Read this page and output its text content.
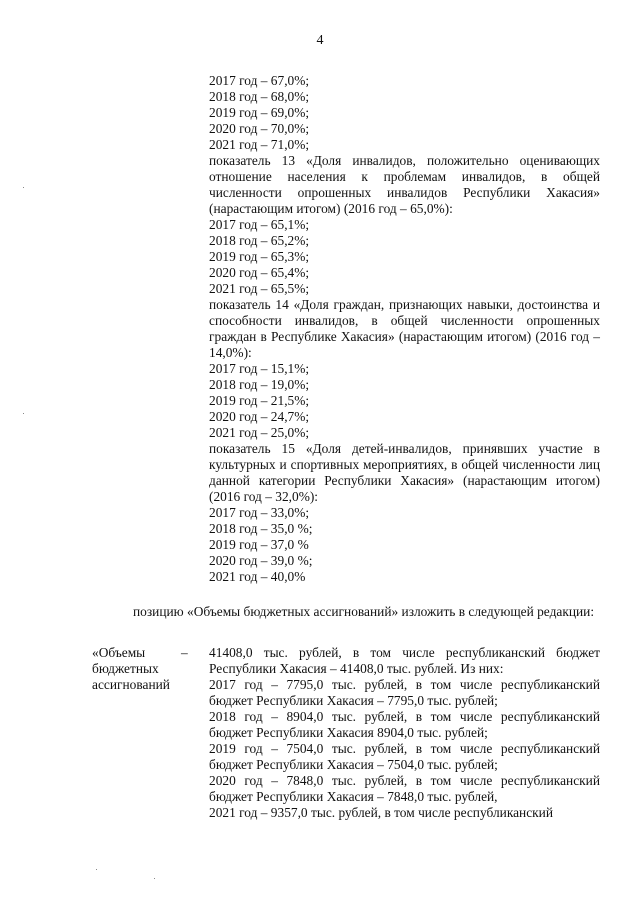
4
2017 год – 67,0%;
2018 год – 68,0%;
2019 год – 69,0%;
2020 год – 70,0%;
2021 год – 71,0%;
показатель 13 «Доля инвалидов, положительно оценивающих отношение населения к проблемам инвалидов, в общей численности опрошенных инвалидов Республики Хакасия» (нарастающим итогом) (2016 год – 65,0%):
2017 год – 65,1%;
2018 год – 65,2%;
2019 год – 65,3%;
2020 год – 65,4%;
2021 год – 65,5%;
показатель 14 «Доля граждан, признающих навыки, достоинства и способности инвалидов, в общей численности опрошенных граждан в Республике Хакасия» (нарастающим итогом) (2016 год – 14,0%):
2017 год – 15,1%;
2018 год – 19,0%;
2019 год – 21,5%;
2020 год – 24,7%;
2021 год – 25,0%;
показатель 15 «Доля детей-инвалидов, принявших участие в культурных и спортивных мероприятиях, в общей численности лиц данной категории Республики Хакасия» (нарастающим итогом) (2016 год – 32,0%):
2017 год – 33,0%;
2018 год – 35,0 %;
2019 год – 37,0 %
2020 год – 39,0 %;
2021 год – 40,0%
позицию «Объемы бюджетных ассигнований» изложить в следующей редакции:
«Объемы бюджетных ассигнований
– 41408,0 тыс. рублей, в том числе республиканский бюджет Республики Хакасия – 41408,0 тыс. рублей. Из них:

2017 год – 7795,0 тыс. рублей, в том числе республиканский бюджет Республики Хакасия – 7795,0 тыс. рублей;

2018 год – 8904,0 тыс. рублей, в том числе республиканский бюджет Республики Хакасия 8904,0 тыс. рублей;

2019 год – 7504,0 тыс. рублей, в том числе республиканский бюджет Республики Хакасия – 7504,0 тыс. рублей;

2020 год – 7848,0 тыс. рублей, в том числе республиканский бюджет Республики Хакасия – 7848,0 тыс. рублей,

2021 год – 9357,0 тыс. рублей, в том числе республиканский
